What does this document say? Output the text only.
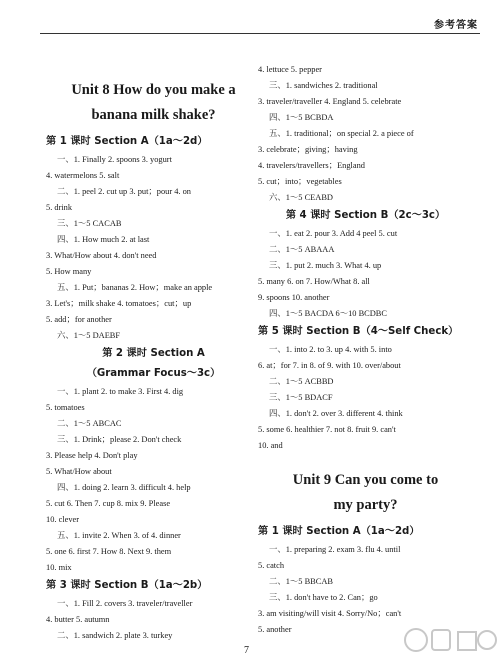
参考答案
Unit 8 How do you make a
banana milk shake?
第 1 课时 Section A（1a～2d）
一、1. Finally 2. spoons 3. yogurt
4. watermelons 5. salt
二、1. peel 2. cut up 3. put；pour 4. on
5. drink
三、1～5 CACAB
四、1. How much 2. at last
3. What/How about 4. don't need
5. How many
五、1. Put；bananas 2. How；make an apple
3. Let's；milk shake 4. tomatoes；cut；up
5. add；for another
六、1～5 DAEBF
第 2 课时 Section A
（Grammar Focus～3c）
一、1. plant 2. to make 3. First 4. dig
5. tomatoes
二、1～5 ABCAC
三、1. Drink；please 2. Don't check
3. Please help 4. Don't play
5. What/How about
四、1. doing 2. learn 3. difficult 4. help
5. cut 6. Then 7. cup 8. mix 9. Please
10. clever
五、1. invite 2. When 3. of 4. dinner
5. one 6. first 7. How 8. Next 9. them
10. mix
第 3 课时 Section B（1a～2b）
一、1. Fill 2. covers 3. traveler/traveller
4. butter 5. autumn
二、1. sandwich 2. plate 3. turkey
4. lettuce 5. pepper
三、1. sandwiches 2. traditional
3. traveler/traveller 4. England 5. celebrate
四、1～5 BCBDA
五、1. traditional；on special 2. a piece of
3. celebrate；giving；having
4. travelers/travellers；England
5. cut；into；vegetables
六、1～5 CEABD
第 4 课时 Section B（2c～3c）
一、1. eat 2. pour 3. Add 4 peel 5. cut
二、1～5 ABAAA
三、1. put 2. much 3. What 4. up
5. many 6. on 7. How/What 8. all
9. spoons 10. another
四、1～5 BACDA 6～10 BCDBC
第 5 课时 Section B（4～Self Check）
一、1. into 2. to 3. up 4. with 5. into
6. at；for 7. in 8. of 9. with 10. over/about
二、1～5 ACBBD
三、1～5 BDACF
四、1. don't 2. over 3. different 4. think
5. some 6. healthier 7. not 8. fruit 9. can't
10. and
Unit 9 Can you come to
my party?
第 1 课时 Section A（1a～2d）
一、1. preparing 2. exam 3. flu 4. until
5. catch
二、1～5 BBCAB
三、1. don't have to 2. Can；go
3. am visiting/will visit 4. Sorry/No；can't
5. another
7
